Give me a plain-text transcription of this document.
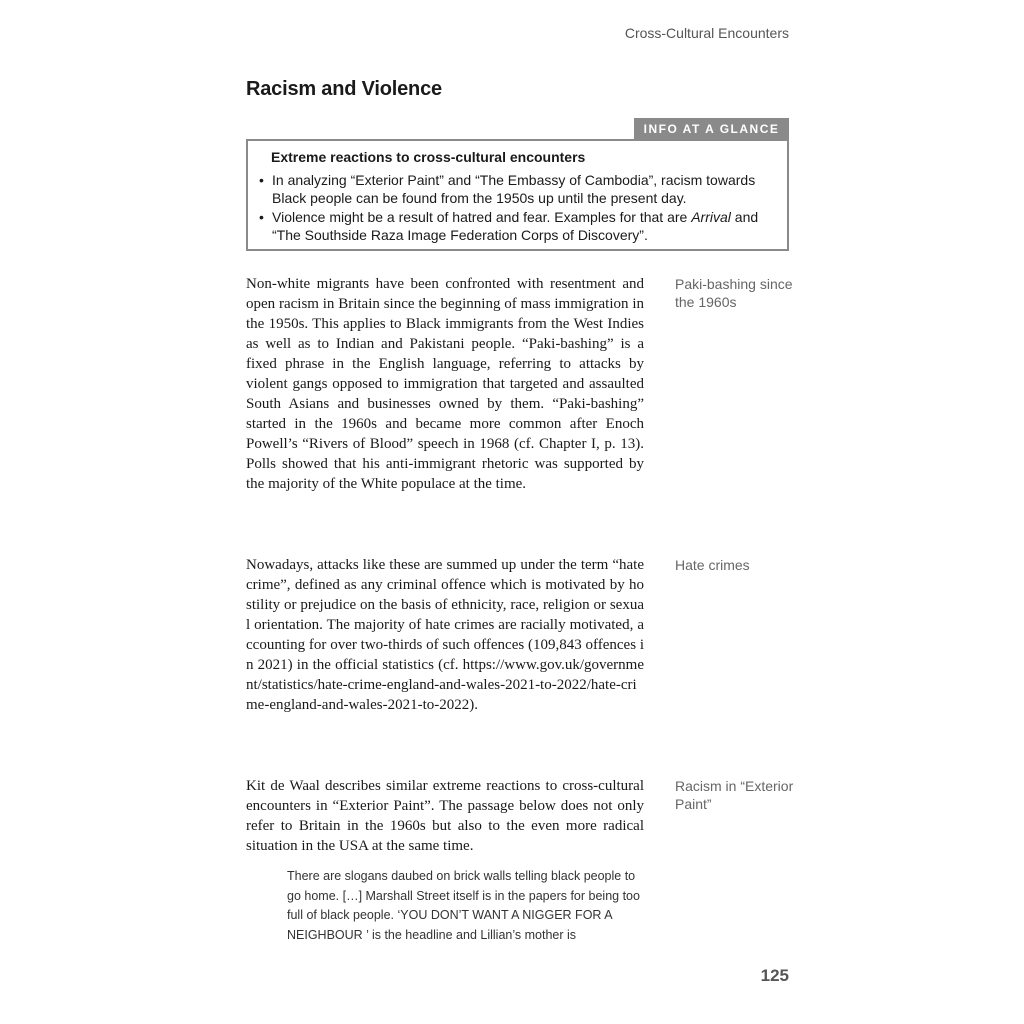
Cross-Cultural Encounters
Racism and Violence
INFO AT A GLANCE
Extreme reactions to cross-cultural encounters
• In analyzing “Exterior Paint” and “The Embassy of Cambodia”, racism towards Black people can be found from the 1950s up until the present day.
• Violence might be a result of hatred and fear. Examples for that are Arrival and “The Southside Raza Image Federation Corps of Discovery”.

Non-white migrants have been confronted with resentment and open racism in Britain since the beginning of mass immigration in the 1950s. This applies to Black immigrants from the West Indies as well as to Indian and Pakistani people. “Paki-bashing” is a fixed phrase in the English language, referring to attacks by violent gangs opposed to immigration that targeted and assaulted South Asians and businesses owned by them. “Paki-bashing” started in the 1960s and became more common after Enoch Powell’s “Rivers of Blood” speech in 1968 (cf. Chapter I, p. 13). Polls showed that his anti-immigrant rhetoric was supported by the majority of the White populace at the time.

Paki-bashing since the 1960s

Nowadays, attacks like these are summed up under the term “hate crime”, defined as any criminal offence which is motivated by hostility or prejudice on the basis of ethnicity, race, religion or sexual orientation. The majority of hate crimes are racially motivated, accounting for over two-thirds of such offences (109,843 offences in 2021) in the official statistics (cf. https://www.gov.uk/government/statistics/hate-crime-england-and-wales-2021-to-2022/hate-crime-england-and-wales-2021-to-2022).

Hate crimes

Kit de Waal describes similar extreme reactions to cross-cultural encounters in “Exterior Paint”. The passage below does not only refer to Britain in the 1960s but also to the even more radical situation in the USA at the same time.

Racism in “Exterior Paint”
There are slogans daubed on brick walls telling black people to go home. […] Marshall Street itself is in the papers for being too full of black people. ‘YOU DON’T WANT A NIGGER FOR A NEIGHBOUR ’ is the headline and Lillian’s mother is
125
